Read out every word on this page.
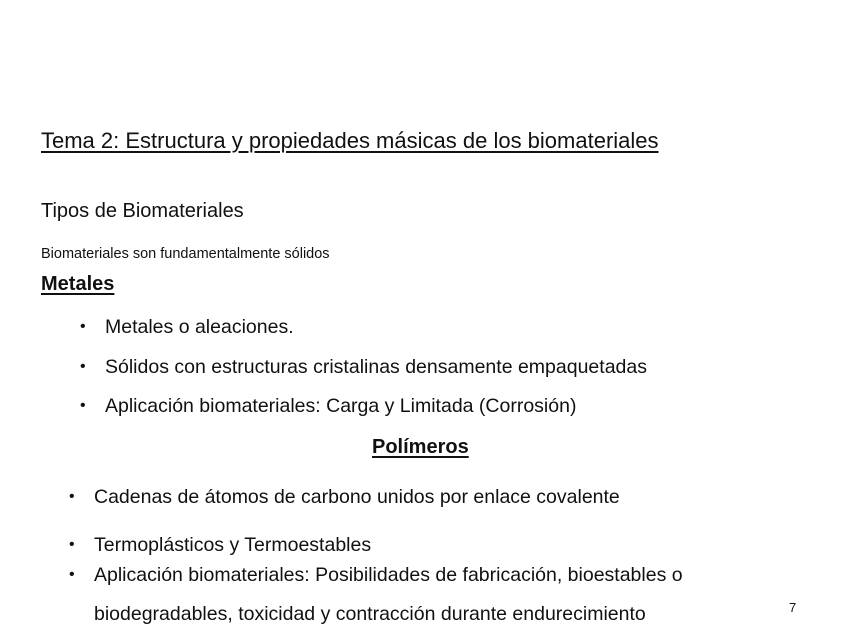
Tema 2: Estructura y propiedades másicas de los biomateriales
Tipos de Biomateriales
Biomateriales son fundamentalmente sólidos
Metales
• Metales o aleaciones.
• Sólidos con estructuras cristalinas densamente empaquetadas
• Aplicación biomateriales: Carga y Limitada (Corrosión)
Polímeros
• Cadenas de átomos de carbono unidos por enlace covalente
• Termoplásticos y Termoestables
• Aplicación biomateriales: Posibilidades de fabricación, bioestables o
biodegradables, toxicidad y contracción durante endurecimiento	7
